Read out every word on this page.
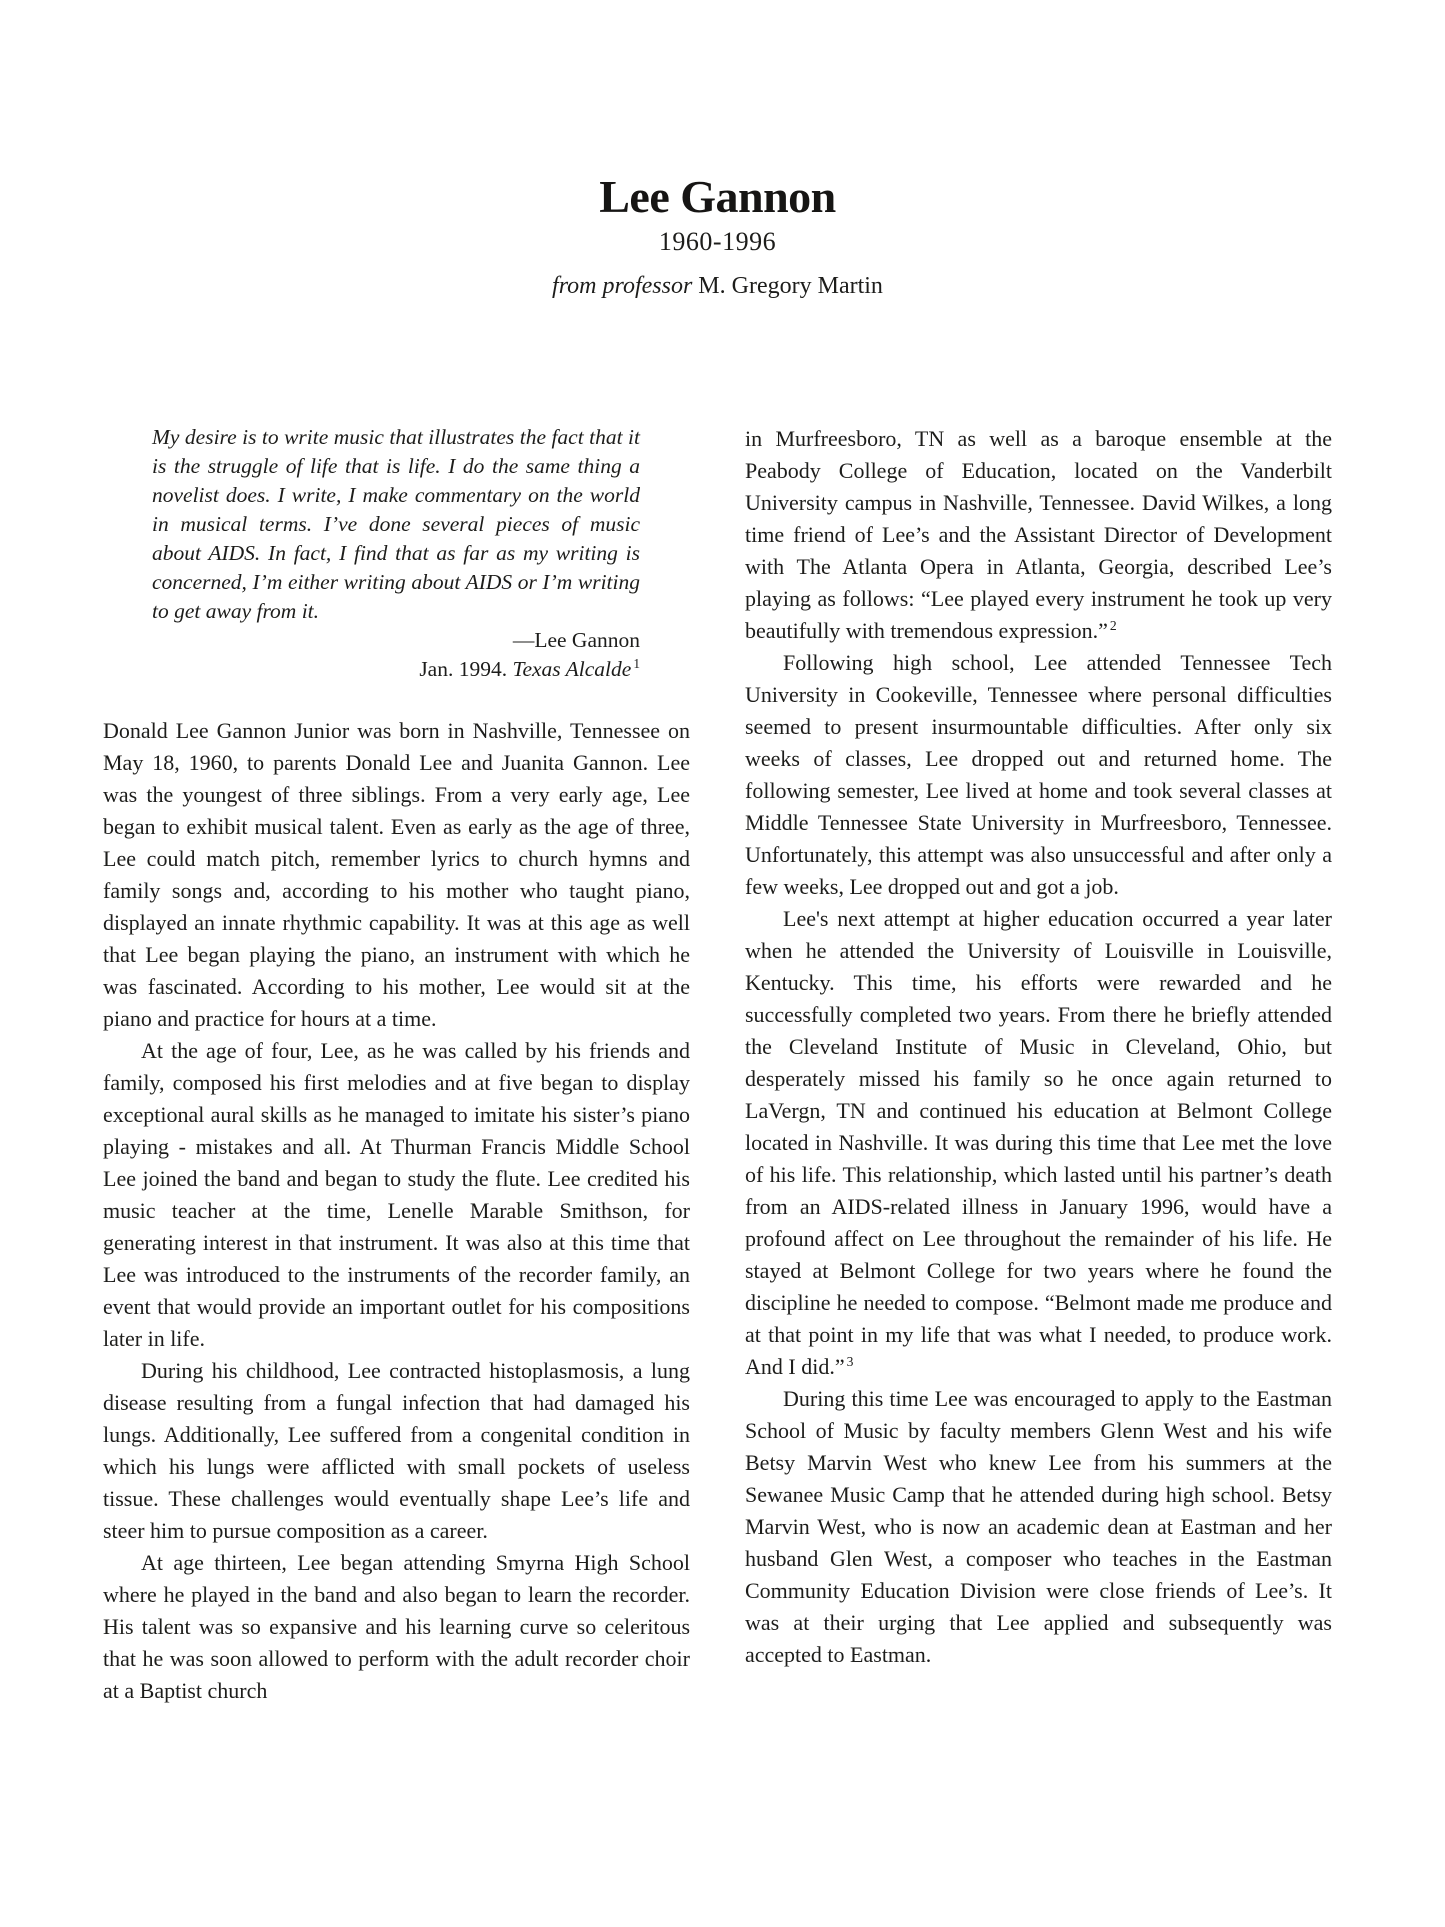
Lee Gannon
1960-1996
from professor M. Gregory Martin
My desire is to write music that illustrates the fact that it is the struggle of life that is life. I do the same thing a novelist does. I write, I make commentary on the world in musical terms. I’ve done several pieces of music about AIDS. In fact, I find that as far as my writing is concerned, I’m either writing about AIDS or I’m writing to get away from it.
—Lee Gannon
Jan. 1994. Texas Alcalde $^1$

Donald Lee Gannon Junior was born in Nashville, Tennessee on May 18, 1960, to parents Donald Lee and Juanita Gannon. Lee was the youngest of three siblings. From a very early age, Lee began to exhibit musical talent. Even as early as the age of three, Lee could match pitch, remember lyrics to church hymns and family songs and, according to his mother who taught piano, displayed an innate rhythmic capability. It was at this age as well that Lee began playing the piano, an instrument with which he was fascinated. According to his mother, Lee would sit at the piano and practice for hours at a time.

At the age of four, Lee, as he was called by his friends and family, composed his first melodies and at five began to display exceptional aural skills as he managed to imitate his sister’s piano playing - mistakes and all. At Thurman Francis Middle School Lee joined the band and began to study the flute. Lee credited his music teacher at the time, Lenelle Marable Smithson, for generating interest in that instrument. It was also at this time that Lee was introduced to the instruments of the recorder family, an event that would provide an important outlet for his compositions later in life.

During his childhood, Lee contracted histoplasmosis, a lung disease resulting from a fungal infection that had damaged his lungs. Additionally, Lee suffered from a congenital condition in which his lungs were afflicted with small pockets of useless tissue. These challenges would eventually shape Lee’s life and steer him to pursue composition as a career.

At age thirteen, Lee began attending Smyrna High School where he played in the band and also began to learn the recorder. His talent was so expansive and his learning curve so celeritous that he was soon allowed to perform with the adult recorder choir at a Baptist church

in Murfreesboro, TN as well as a baroque ensemble at the Peabody College of Education, located on the Vanderbilt University campus in Nashville, Tennessee. David Wilkes, a long time friend of Lee’s and the Assistant Director of Development with The Atlanta Opera in Atlanta, Georgia, described Lee’s playing as follows: “Lee played every instrument he took up very beautifully with tremendous expression.” $^2$

Following high school, Lee attended Tennessee Tech University in Cookeville, Tennessee where personal difficulties seemed to present insurmountable difficulties. After only six weeks of classes, Lee dropped out and returned home. The following semester, Lee lived at home and took several classes at Middle Tennessee State University in Murfreesboro, Tennessee. Unfortunately, this attempt was also unsuccessful and after only a few weeks, Lee dropped out and got a job.

Lee's next attempt at higher education occurred a year later when he attended the University of Louisville in Louisville, Kentucky. This time, his efforts were rewarded and he successfully completed two years. From there he briefly attended the Cleveland Institute of Music in Cleveland, Ohio, but desperately missed his family so he once again returned to LaVergn, TN and continued his education at Belmont College located in Nashville. It was during this time that Lee met the love of his life. This relationship, which lasted until his partner’s death from an AIDS-related illness in January 1996, would have a profound affect on Lee throughout the remainder of his life. He stayed at Belmont College for two years where he found the discipline he needed to compose. “Belmont made me produce and at that point in my life that was what I needed, to produce work. And I did.” $^3$

During this time Lee was encouraged to apply to the Eastman School of Music by faculty members Glenn West and his wife Betsy Marvin West who knew Lee from his summers at the Sewanee Music Camp that he attended during high school. Betsy Marvin West, who is now an academic dean at Eastman and her husband Glen West, a composer who teaches in the Eastman Community Education Division were close friends of Lee’s. It was at their urging that Lee applied and subsequently was accepted to Eastman.
